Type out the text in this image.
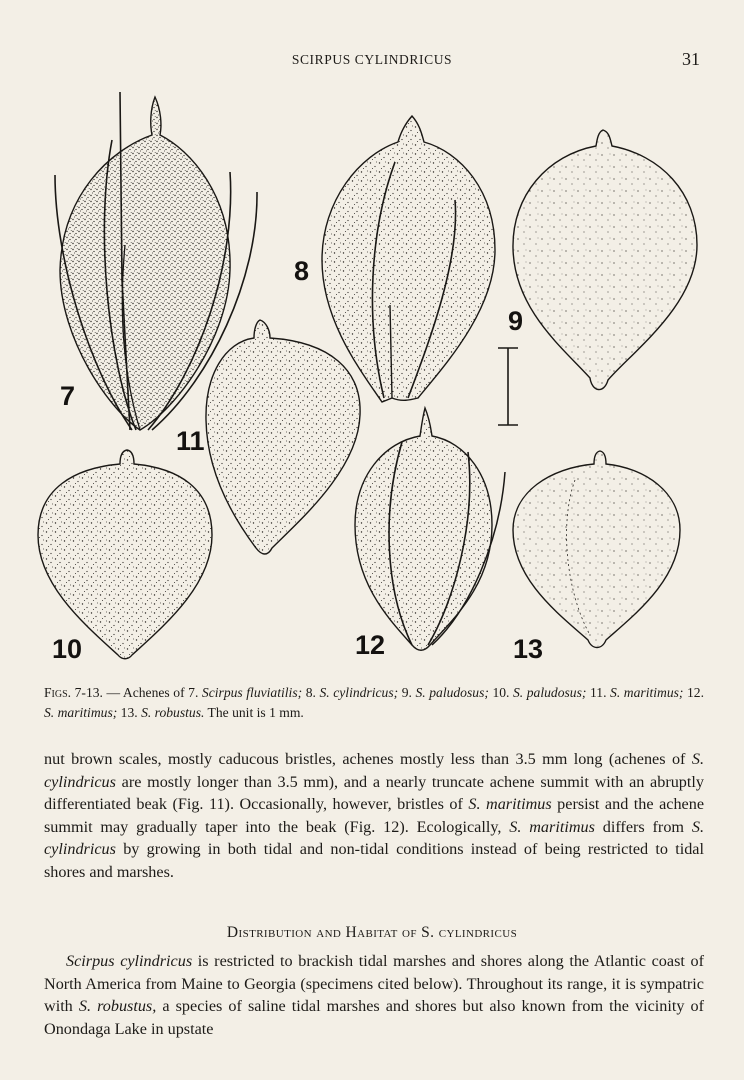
SCIRPUS CYLINDRICUS	31
7
8
9
10
11
12	13
Figs. 7-13. — Achenes of 7. Scirpus fluviatilis; 8. S. cylindricus; 9. S. paludosus; 10. S. paludosus; 11. S. maritimus; 12. S. maritimus; 13. S. robustus. The unit is 1 mm.

nut brown scales, mostly caducous bristles, achenes mostly less than 3.5 mm long (achenes of S. cylindricus are mostly longer than 3.5 mm), and a nearly truncate achene summit with an abruptly differentiated beak (Fig. 11). Occasionally, however, bristles of S. maritimus persist and the achene summit may gradually taper into the beak (Fig. 12). Ecologically, S. maritimus differs from S. cylindricus by growing in both tidal and non-tidal conditions instead of being restricted to tidal shores and marshes.

Distribution and Habitat of S. cylindricus

Scirpus cylindricus is restricted to brackish tidal marshes and shores along the Atlantic coast of North America from Maine to Georgia (specimens cited below). Throughout its range, it is sympatric with S. robustus, a species of saline tidal marshes and shores but also known from the vicinity of Onondaga Lake in upstate
